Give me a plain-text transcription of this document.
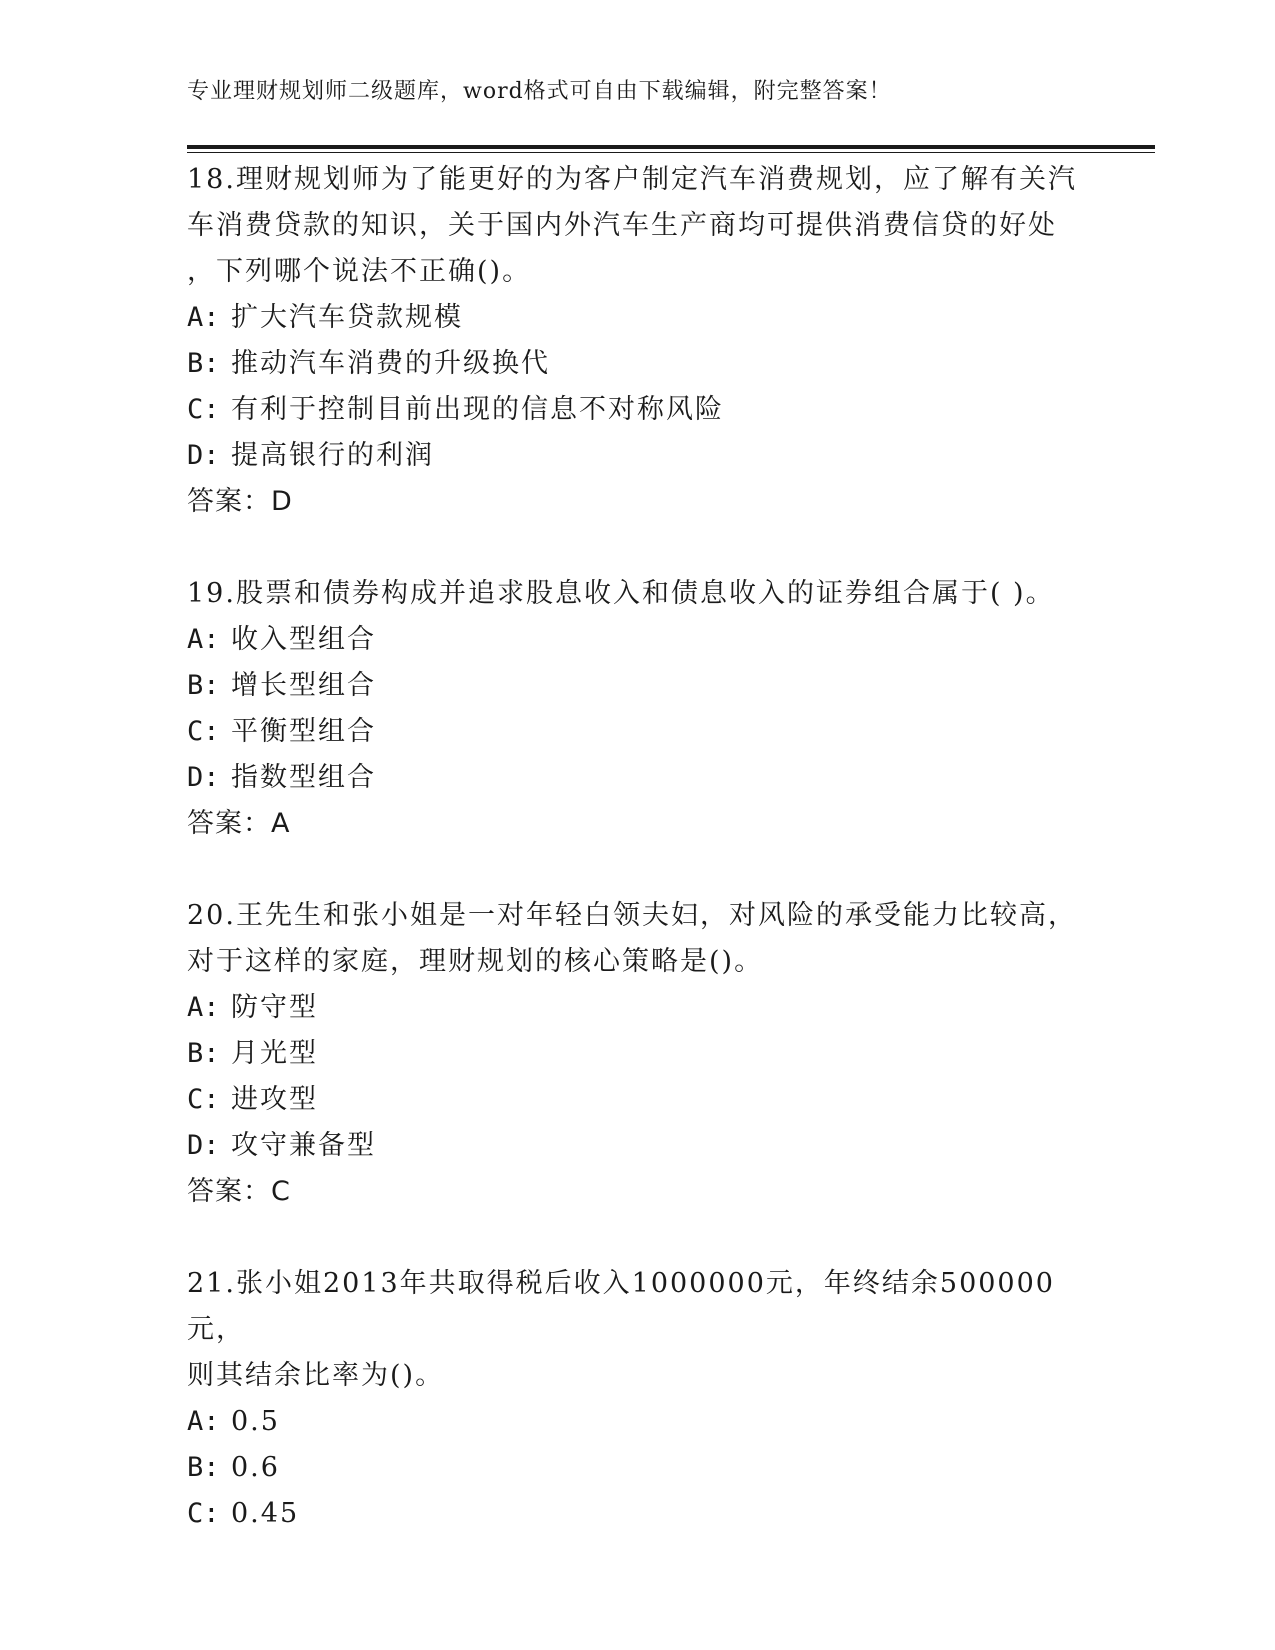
专业理财规划师二级题库，word格式可自由下载编辑，附完整答案！

18.理财规划师为了能更好的为客户制定汽车消费规划，应了解有关汽

车消费贷款的知识，关于国内外汽车生产商均可提供消费信贷的好处

，下列哪个说法不正确()。

A: 扩大汽车贷款规模

B: 推动汽车消费的升级换代

C: 有利于控制目前出现的信息不对称风险

D: 提高银行的利润

答案：D

19.股票和债券构成并追求股息收入和债息收入的证券组合属于( )。

A: 收入型组合

B: 增长型组合

C: 平衡型组合

D: 指数型组合

答案：A

20.王先生和张小姐是一对年轻白领夫妇，对风险的承受能力比较高，

对于这样的家庭，理财规划的核心策略是()。

A: 防守型

B: 月光型

C: 进攻型

D: 攻守兼备型

答案：C

21.张小姐2013年共取得税后收入1000000元，年终结余500000元，

则其结余比率为()。

A: 0.5

B: 0.6

C: 0.45
